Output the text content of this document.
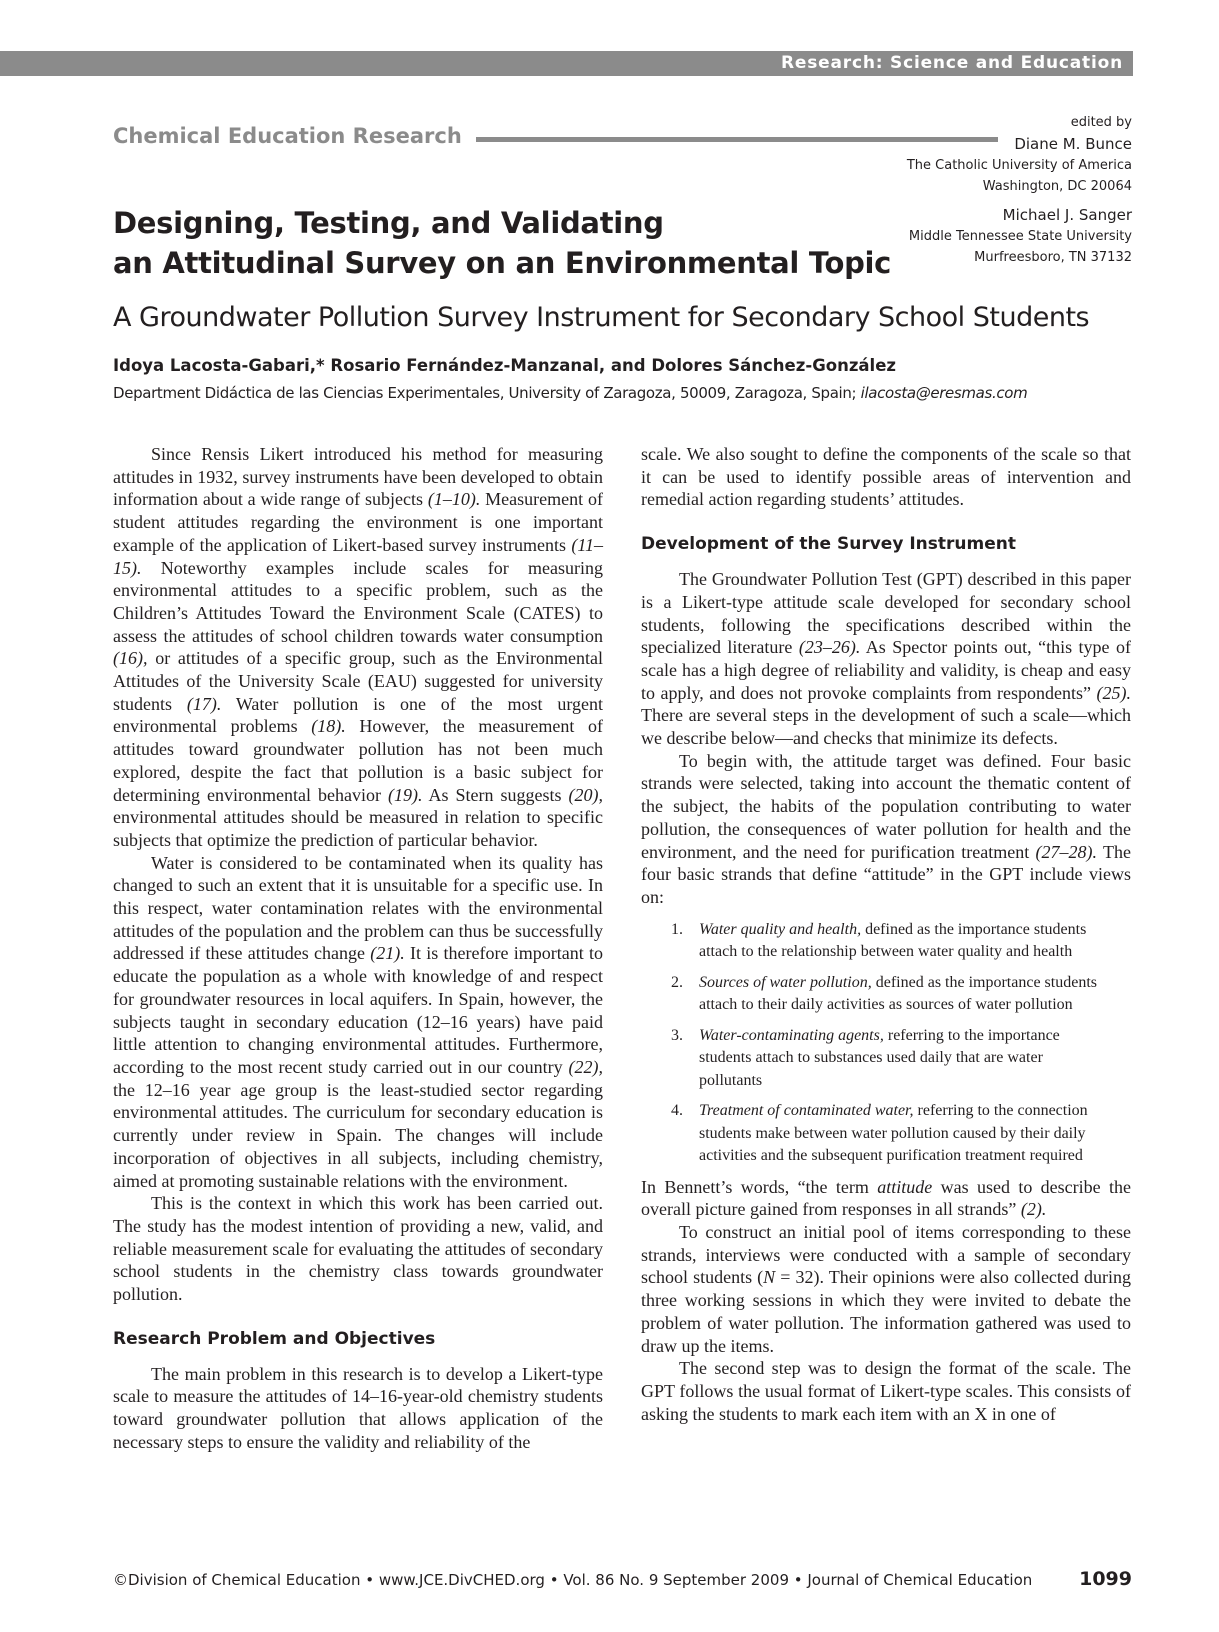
Research: Science and Education
Chemical Education Research
edited by
Diane M. Bunce
The Catholic University of America
Washington, DC 20064
Michael J. Sanger
Middle Tennessee State University
Murfreesboro, TN 37132
Designing, Testing, and Validating
an Attitudinal Survey on an Environmental Topic
A Groundwater Pollution Survey Instrument for Secondary School Students
Idoya Lacosta-Gabari,* Rosario Fernández-Manzanal, and Dolores Sánchez-González
Department Didáctica de las Ciencias Experimentales, University of Zaragoza, 50009, Zaragoza, Spain; ilacosta@eresmas.com

Since Rensis Likert introduced his method for measuring attitudes in 1932, survey instruments have been developed to obtain information about a wide range of subjects (1–10). Measurement of student attitudes regarding the environment is one important example of the application of Likert-based survey instruments (11–15). Noteworthy examples include scales for measuring environmental attitudes to a specific problem, such as the Children’s Attitudes Toward the Environment Scale (CATES) to assess the attitudes of school children towards water consumption (16), or attitudes of a specific group, such as the Environmental Attitudes of the University Scale (EAU) suggested for university students (17). Water pollution is one of the most urgent environmental problems (18). However, the measurement of attitudes toward groundwater pollution has not been much explored, despite the fact that pollution is a basic subject for determining environmental behavior (19). As Stern suggests (20), environmental attitudes should be measured in relation to specific subjects that optimize the prediction of particular behavior.

Water is considered to be contaminated when its quality has changed to such an extent that it is unsuitable for a specific use. In this respect, water contamination relates with the environmental attitudes of the population and the problem can thus be successfully addressed if these attitudes change (21). It is therefore important to educate the population as a whole with knowledge of and respect for groundwater resources in local aquifers. In Spain, however, the subjects taught in secondary education (12–16 years) have paid little attention to changing environmental attitudes. Furthermore, according to the most recent study carried out in our country (22), the 12–16 year age group is the least-studied sector regarding environmental attitudes. The curriculum for secondary education is currently under review in Spain. The changes will include incorporation of objectives in all subjects, including chemistry, aimed at promoting sustainable relations with the environment.

This is the context in which this work has been carried out. The study has the modest intention of providing a new, valid, and reliable measurement scale for evaluating the attitudes of secondary school students in the chemistry class towards groundwater pollution.

Research Problem and Objectives

The main problem in this research is to develop a Likert-type scale to measure the attitudes of 14–16-year-old chemistry students toward groundwater pollution that allows application of the necessary steps to ensure the validity and reliability of the

scale. We also sought to define the components of the scale so that it can be used to identify possible areas of intervention and remedial action regarding students’ attitudes.

Development of the Survey Instrument

The Groundwater Pollution Test (GPT) described in this paper is a Likert-type attitude scale developed for secondary school students, following the specifications described within the specialized literature (23–26). As Spector points out, “this type of scale has a high degree of reliability and validity, is cheap and easy to apply, and does not provoke complaints from respondents” (25). There are several steps in the development of such a scale—which we describe below—and checks that minimize its defects.

To begin with, the attitude target was defined. Four basic strands were selected, taking into account the thematic content of the subject, the habits of the population contributing to water pollution, the consequences of water pollution for health and the environment, and the need for purification treatment (27–28). The four basic strands that define “attitude” in the GPT include views on:

1. Water quality and health, defined as the importance students attach to the relationship between water quality and health
2. Sources of water pollution, defined as the importance students attach to their daily activities as sources of water pollution
3. Water-contaminating agents, referring to the importance students attach to substances used daily that are water pollutants
4. Treatment of contaminated water, referring to the connection students make between water pollution caused by their daily activities and the subsequent purification treatment required

In Bennett’s words, “the term attitude was used to describe the overall picture gained from responses in all strands” (2).

To construct an initial pool of items corresponding to these strands, interviews were conducted with a sample of secondary school students (N = 32). Their opinions were also collected during three working sessions in which they were invited to debate the problem of water pollution. The information gathered was used to draw up the items.

The second step was to design the format of the scale. The GPT follows the usual format of Likert-type scales. This consists of asking the students to mark each item with an X in one of

©Division of Chemical Education • www.JCE.DivCHED.org • Vol. 86 No. 9 September 2009 • Journal of Chemical Education 1099
